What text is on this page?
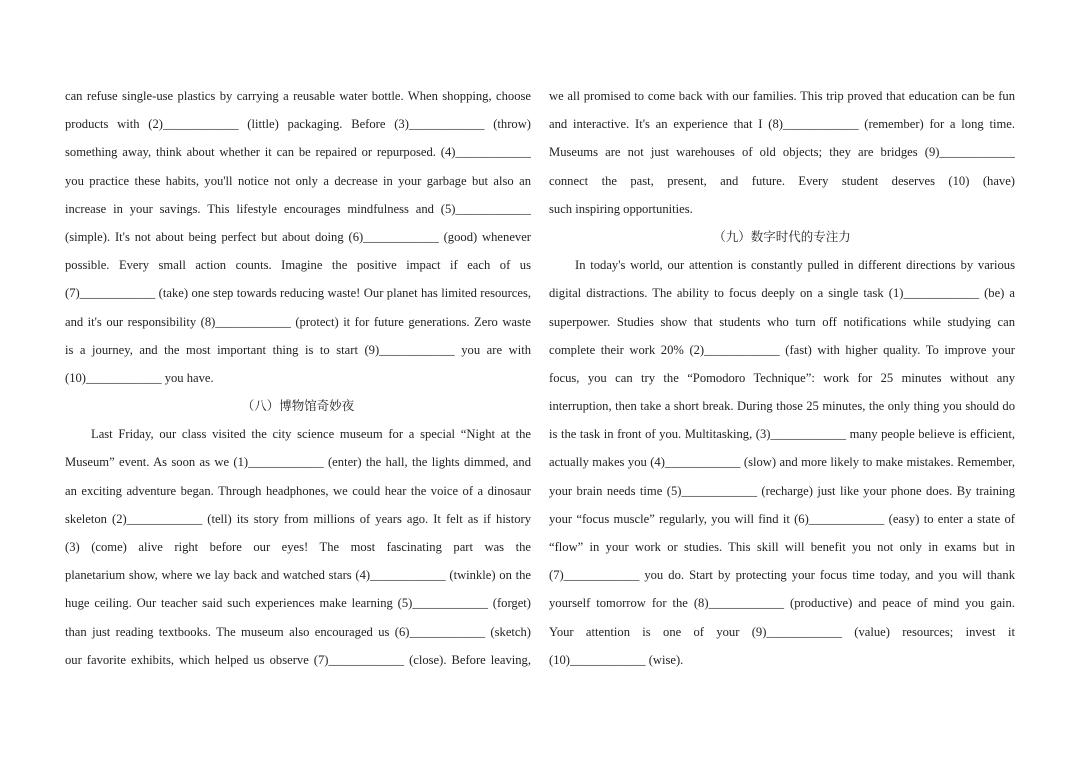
can refuse single-use plastics by carrying a reusable water bottle. When shopping, choose
products with (2)____________ (little) packaging. Before (3)____________ (throw)
something away, think about whether it can be repaired or repurposed. (4)____________
you practice these habits, you'll notice not only a decrease in your garbage but also an
increase in your savings. This lifestyle encourages mindfulness and (5)____________
(simple). It's not about being perfect but about doing (6)____________ (good) whenever
possible. Every small action counts. Imagine the positive impact if each of us
(7)____________ (take) one step towards reducing waste! Our planet has limited resources,
and it's our responsibility (8)____________ (protect) it for future generations. Zero waste
is a journey, and the most important thing is to start (9)____________ you are with
(10)____________ you have.
（八）博物馆奇妙夜
Last Friday, our class visited the city science museum for a special “Night at the
Museum” event. As soon as we (1)____________ (enter) the hall, the lights dimmed, and
an exciting adventure began. Through headphones, we could hear the voice of a dinosaur
skeleton (2)____________ (tell) its story from millions of years ago. It felt as if history
(3) (come) alive right before our eyes! The most fascinating part was the
planetarium show, where we lay back and watched stars (4)____________ (twinkle) on the
huge ceiling. Our teacher said such experiences make learning (5)____________ (forget)
than just reading textbooks. The museum also encouraged us (6)____________ (sketch)
our favorite exhibits, which helped us observe (7)____________ (close). Before leaving,
we all promised to come back with our families. This trip proved that education can be fun
and interactive. It's an experience that I (8)____________ (remember) for a long time.
Museums are not just warehouses of old objects; they are bridges (9)____________
connect the past, present, and future. Every student deserves (10) (have)
such inspiring opportunities.
（九）数字时代的专注力
In today's world, our attention is constantly pulled in different directions by various
digital distractions. The ability to focus deeply on a single task (1)____________ (be) a
superpower. Studies show that students who turn off notifications while studying can
complete their work 20% (2)____________ (fast) with higher quality. To improve your
focus, you can try the “Pomodoro Technique”: work for 25 minutes without any
interruption, then take a short break. During those 25 minutes, the only thing you should do
is the task in front of you. Multitasking, (3)____________ many people believe is efficient,
actually makes you (4)____________ (slow) and more likely to make mistakes. Remember,
your brain needs time (5)____________ (recharge) just like your phone does. By training
your “focus muscle” regularly, you will find it (6)____________ (easy) to enter a state of
“flow” in your work or studies. This skill will benefit you not only in exams but in
(7)____________ you do. Start by protecting your focus time today, and you will thank
yourself tomorrow for the (8)____________ (productive) and peace of mind you gain.
Your attention is one of your (9)____________ (value) resources; invest it
(10)____________ (wise).
